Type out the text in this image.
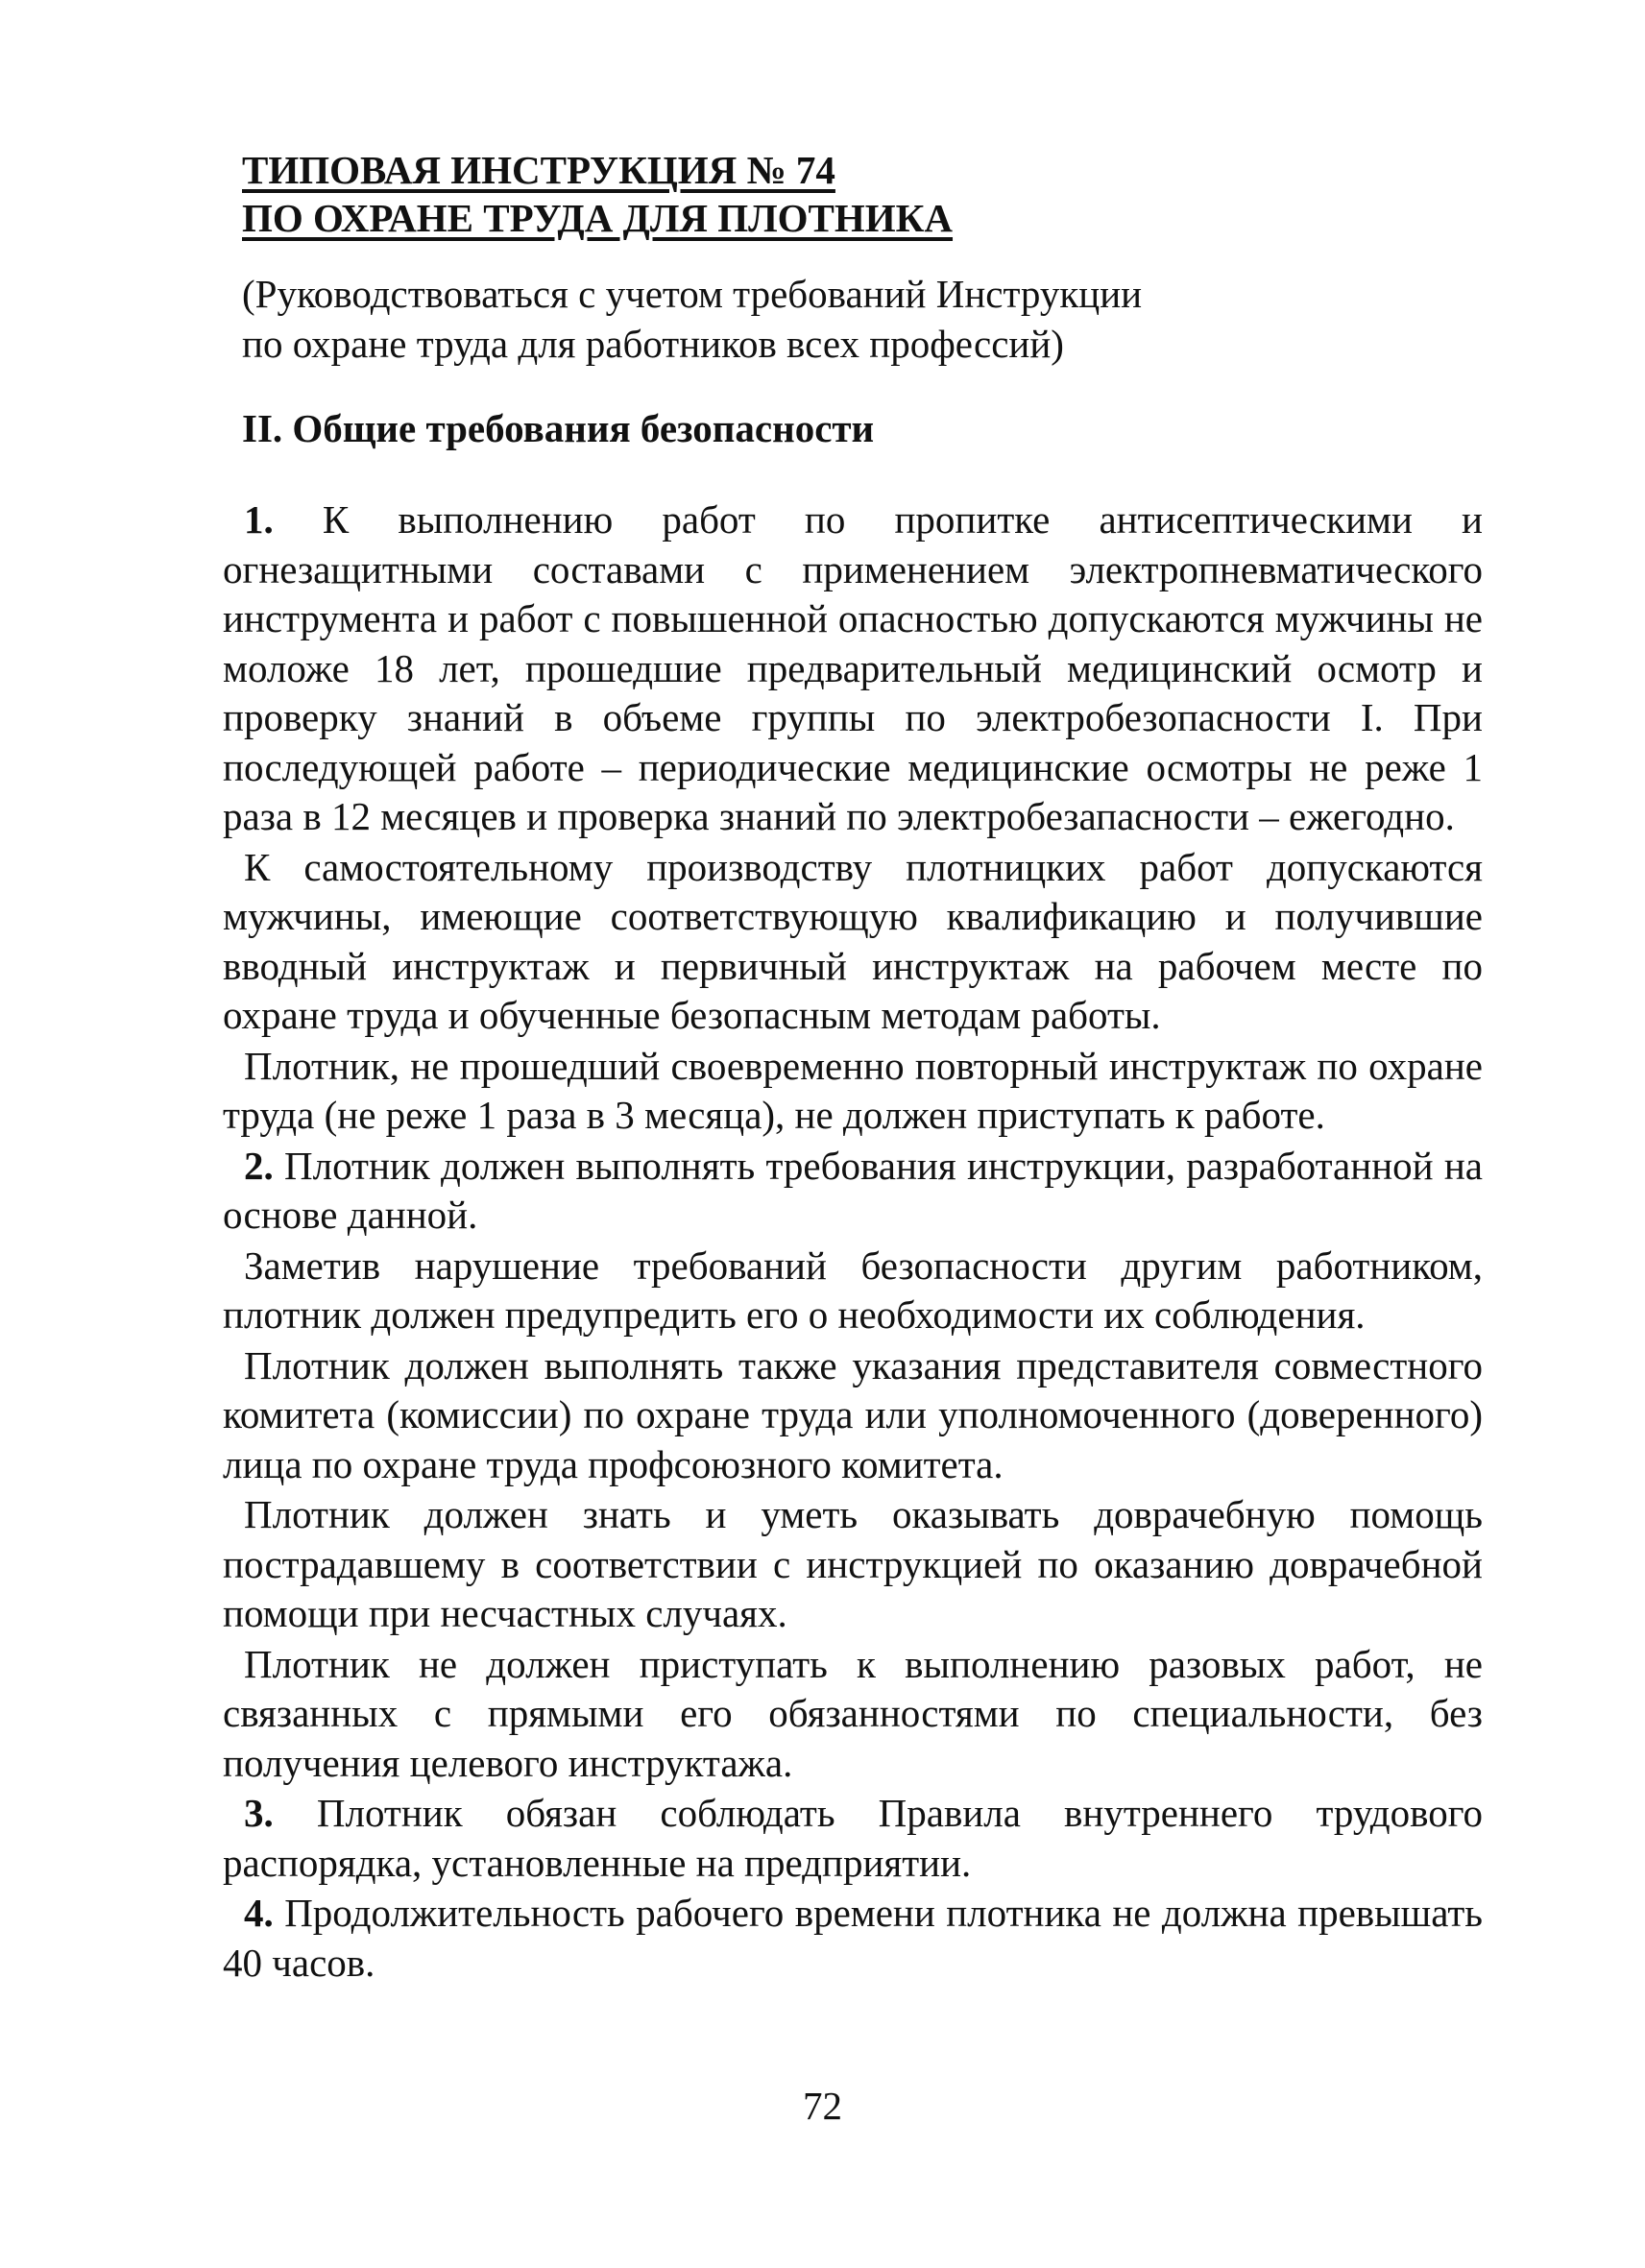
ТИПОВАЯ ИНСТРУКЦИЯ № 74
ПО ОХРАНЕ ТРУДА ДЛЯ ПЛОТНИКА
(Руководствоваться с учетом требований Инструкции
по охране труда для работников всех профессий)
II. Общие требования безопасности

1. К выполнению работ по пропитке антисептическими и огнезащитными составами с применением электропневматического инструмента и работ с повышенной опасностью допускаются мужчины не моложе 18 лет, прошедшие предварительный медицинский осмотр и проверку знаний в объеме группы по электробезопасности I. При последующей работе – периодические медицинские осмотры не реже 1 раза в 12 месяцев и проверка знаний по электробезапасности – ежегодно.

К самостоятельному производству плотницких работ допускаются мужчины, имеющие соответствующую квалификацию и получившие вводный инструктаж и первичный инструктаж на рабочем месте по охране труда и обученные безопасным методам работы.

Плотник, не прошедший своевременно повторный инструктаж по охране труда (не реже 1 раза в 3 месяца), не должен приступать к работе.

2. Плотник должен выполнять требования инструкции, разработанной на основе данной.

Заметив нарушение требований безопасности другим работником, плотник должен предупредить его о необходимости их соблюдения.

Плотник должен выполнять также указания представителя совместного комитета (комиссии) по охране труда или уполномоченного (доверенного) лица по охране труда профсоюзного комитета.

Плотник должен знать и уметь оказывать доврачебную помощь пострадавшему в соответствии с инструкцией по оказанию доврачебной помощи при несчастных случаях.

Плотник не должен приступать к выполнению разовых работ, не связанных с прямыми его обязанностями по специальности, без получения целевого инструктажа.

3. Плотник обязан соблюдать Правила внутреннего трудового распорядка, установленные на предприятии.

4. Продолжительность рабочего времени плотника не должна превышать 40 часов.

72
